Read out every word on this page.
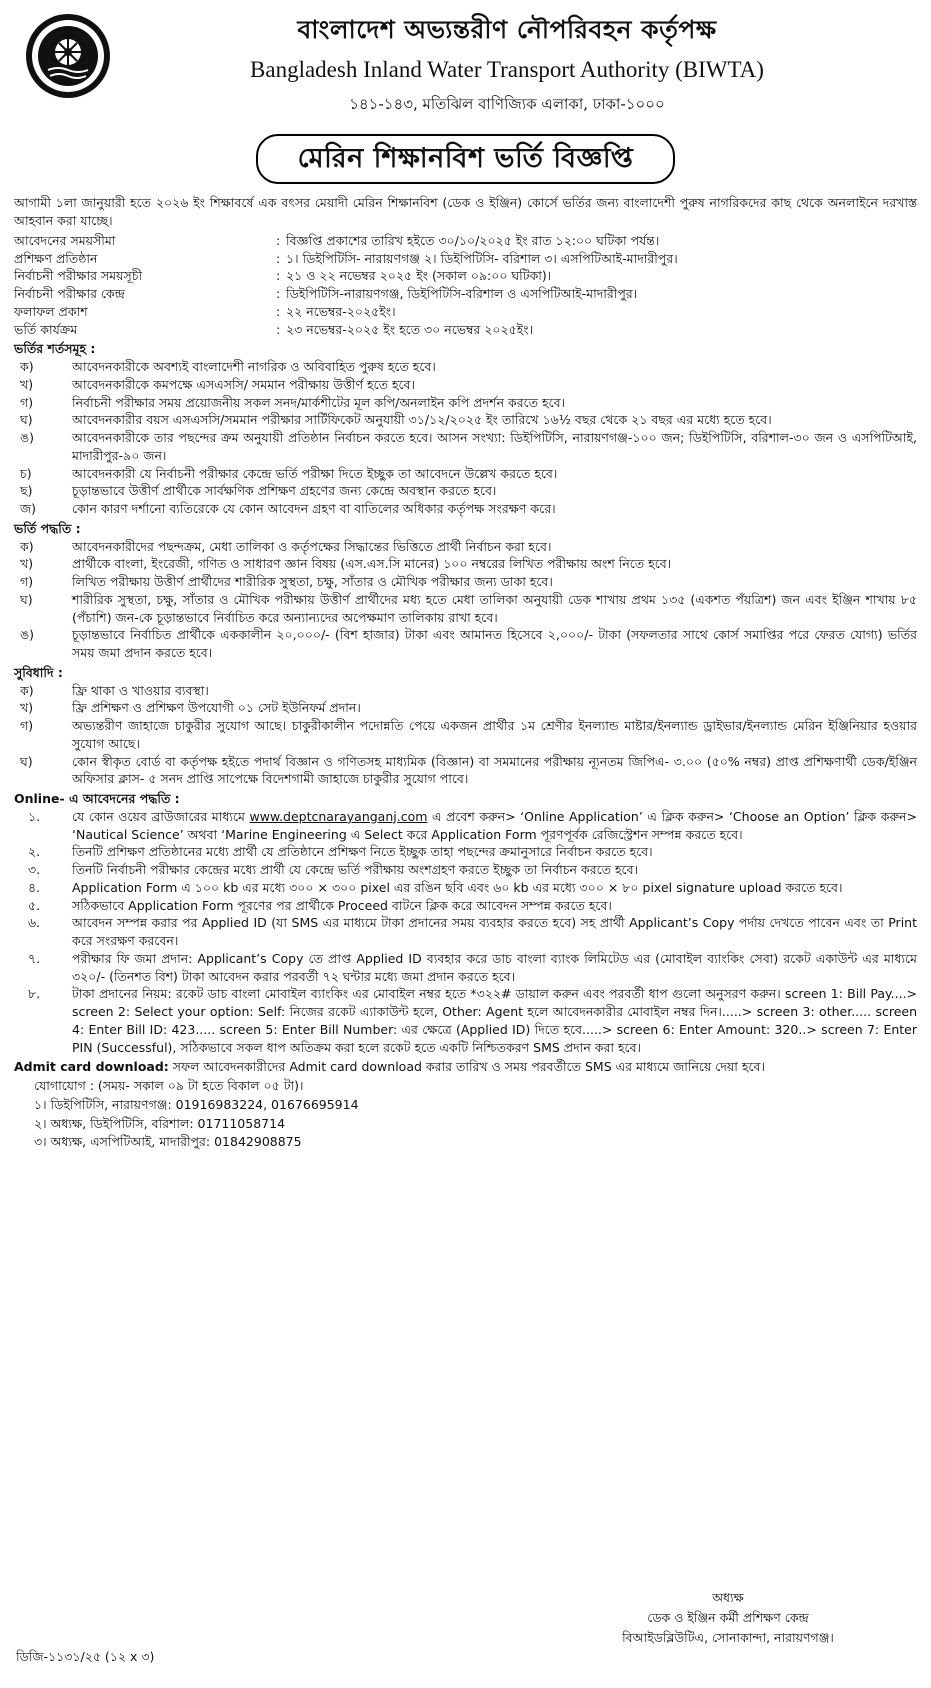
বাংলাদেশ অভ্যন্তরীণ নৌপরিবহন কর্তৃপক্ষ
Bangladesh Inland Water Transport Authority (BIWTA)
১৪১-১৪৩, মতিঝিল বাণিজ্যিক এলাকা, ঢাকা-১০০০
মেরিন শিক্ষানবিশ ভর্তি বিজ্ঞপ্তি
আগামী ১লা জানুয়ারী হতে ২০২৬ ইং শিক্ষাবর্ষে এক বৎসর মেয়াদী মেরিন শিক্ষানবিশ (ডেক ও ইঞ্জিন) কোর্সে ভর্তির জন্য বাংলাদেশী পুরুষ নাগরিকদের কাছ থেকে অনলাইনে দরখাস্ত আহবান করা যাচ্ছে।
আবেদনের সময়সীমা	: বিজ্ঞপ্তি প্রকাশের তারিখ হইতে ৩০/১০/২০২৫ ইং রাত ১২:০০ ঘটিকা পর্যন্ত।
প্রশিক্ষণ প্রতিষ্ঠান	: ১। ডিইপিটিসি- নারায়ণগঞ্জ ২। ডিইপিটিসি- বরিশাল ৩। এসপিটিআই-মাদারীপুর।
নির্বাচনী পরীক্ষার সময়সূচী	: ২১ ও ২২ নভেম্বর ২০২৫ ইং (সকাল ০৯:০০ ঘটিকা)।
নির্বাচনী পরীক্ষার কেন্দ্র	: ডিইপিটিসি-নারায়ণগঞ্জ, ডিইপিটিসি-বরিশাল ও এসপিটিআই-মাদারীপুর।
ফলাফল প্রকাশ	: ২২ নভেম্বর-২০২৫ইং।
ভর্তি কার্যক্রম	: ২৩ নভেম্বর-২০২৫ ইং হতে ৩০ নভেম্বর ২০২৫ইং।
ভর্তির শর্তসমূহ :
ক)	আবেদনকারীকে অবশ্যই বাংলাদেশী নাগরিক ও অবিবাহিত পুরুষ হতে হবে।
খ)	আবেদনকারীকে কমপক্ষে এসএসসি/ সমমান পরীক্ষায় উত্তীর্ণ হতে হবে।
গ)	নির্বাচনী পরীক্ষার সময় প্রয়োজনীয় সকল সনদ/মার্কশীটের মূল কপি/অনলাইন কপি প্রদর্শন করতে হবে।
ঘ)	আবেদনকারীর বয়স এসএসসি/সমমান পরীক্ষার সার্টিফিকেট অনুযায়ী ৩১/১২/২০২৫ ইং তারিখে ১৬½ বছর থেকে ২১ বছর এর মধ্যে হতে হবে।
ঙ)	আবেদনকারীকে তার পছন্দের ক্রম অনুযায়ী প্রতিষ্ঠান নির্বাচন করতে হবে। আসন সংখ্যা: ডিইপিটিসি, নারায়ণগঞ্জ-১০০ জন; ডিইপিটিসি, বরিশাল-৩০ জন ও এসপিটিআই, মাদারীপুর-৯০ জন।
চ)	আবেদনকারী যে নির্বাচনী পরীক্ষার কেন্দ্রে ভর্তি পরীক্ষা দিতে ইচ্ছুক তা আবেদনে উল্লেখ করতে হবে।
ছ)	চূড়ান্তভাবে উত্তীর্ণ প্রার্থীকে সার্বক্ষণিক প্রশিক্ষণ গ্রহণের জন্য কেন্দ্রে অবস্থান করতে হবে।
জ)	কোন কারণ দর্শানো ব্যতিরেকে যে কোন আবেদন গ্রহণ বা বাতিলের অধিকার কর্তৃপক্ষ সংরক্ষণ করে।
ভর্তি পদ্ধতি :
ক)	আবেদনকারীদের পছন্দক্রম, মেধা তালিকা ও কর্তৃপক্ষের সিদ্ধান্তের ভিত্তিতে প্রার্থী নির্বাচন করা হবে।
খ)	প্রার্থীকে বাংলা, ইংরেজী, গণিত ও সাধারণ জ্ঞান বিষয় (এস.এস.সি মানের) ১০০ নম্বরের লিখিত পরীক্ষায় অংশ নিতে হবে।
গ)	লিখিত পরীক্ষায় উত্তীর্ণ প্রার্থীদের শারীরিক সুস্থতা, চক্ষু, সাঁতার ও মৌখিক পরীক্ষার জন্য ডাকা হবে।
ঘ)	শারীরিক সুস্থতা, চক্ষু, সাঁতার ও মৌখিক পরীক্ষায় উত্তীর্ণ প্রার্থীদের মধ্য হতে মেধা তালিকা অনুযায়ী ডেক শাখায় প্রথম ১৩৫ (একশত পঁয়ত্রিশ) জন এবং ইঞ্জিন শাখায় ৮৫ (পঁচাশি) জন-কে চূড়ান্তভাবে নির্বাচিত করে অন্যান্যদের অপেক্ষমাণ তালিকায় রাখা হবে।
ঙ)	চূড়ান্তভাবে নির্বাচিত প্রার্থীকে এককালীন ২০,০০০/- (বিশ হাজার) টাকা এবং আমানত হিসেবে ২,০০০/- টাকা (সফলতার সাথে কোর্স সমাপ্তির পরে ফেরত যোগ্য) ভর্তির সময় জমা প্রদান করতে হবে।
সুবিধাদি :
ক)	ফ্রি থাকা ও খাওয়ার ব্যবস্থা।
খ)	ফ্রি প্রশিক্ষণ ও প্রশিক্ষণ উপযোগী ০১ সেট ইউনিফর্ম প্রদান।
গ)	অভ্যন্তরীণ জাহাজে চাকুরীর সুযোগ আছে। চাকুরীকালীন পদোন্নতি পেয়ে একজন প্রার্থীর ১ম শ্রেণীর ইনল্যান্ড মাষ্টার/ইনল্যান্ড ড্রাইভার/ইনল্যান্ড মেরিন ইঞ্জিনিয়ার হওয়ার সুযোগ আছে।
ঘ)	কোন স্বীকৃত বোর্ড বা কর্তৃপক্ষ হইতে পদার্থ বিজ্ঞান ও গণিতসহ মাধ্যমিক (বিজ্ঞান) বা সমমানের পরীক্ষায় ন্যূনতম জিপিএ- ৩.০০ (৫০% নম্বর) প্রাপ্ত প্রশিক্ষণার্থী ডেক/ইঞ্জিন অফিসার ক্লাস- ৫ সনদ প্রাপ্তি সাপেক্ষে বিদেশগামী জাহাজে চাকুরীর সুযোগ পাবে।
Online- এ আবেদনের পদ্ধতি :
১.	যে কোন ওয়েব ব্রাউজারের মাধ্যমে www.deptcnarayanganj.com এ প্রবেশ করুন> ‘Online Application’ এ ক্লিক করুন> ‘Choose an Option’ ক্লিক করুন> ‘Nautical Science’ অথবা ‘Marine Engineering এ Select করে Application Form পূরণপূর্বক রেজিস্ট্রেশন সম্পন্ন করতে হবে।
২.	তিনটি প্রশিক্ষণ প্রতিষ্ঠানের মধ্যে প্রার্থী যে প্রতিষ্ঠানে প্রশিক্ষণ নিতে ইচ্ছুক তাহা পছন্দের ক্রমানুসারে নির্বাচন করতে হবে।
৩.	তিনটি নির্বাচনী পরীক্ষার কেন্দ্রের মধ্যে প্রার্থী যে কেন্দ্রে ভর্তি পরীক্ষায় অংশগ্রহণ করতে ইচ্ছুক তা নির্বাচন করতে হবে।
৪.	Application Form এ ১০০ kb এর মধ্যে ৩০০ × ৩০০ pixel এর রঙিন ছবি এবং ৬০ kb এর মধ্যে ৩০০ × ৮০ pixel signature upload করতে হবে।
৫.	সঠিকভাবে Application Form পূরণের পর প্রার্থীকে Proceed বাটনে ক্লিক করে আবেদন সম্পন্ন করতে হবে।
৬.	আবেদন সম্পন্ন করার পর Applied ID (যা SMS এর মাধ্যমে টাকা প্রদানের সময় ব্যবহার করতে হবে) সহ প্রার্থী Applicant’s Copy পর্দায় দেখতে পাবেন এবং তা Print করে সংরক্ষণ করবেন।
৭.	পরীক্ষার ফি জমা প্রদান: Applicant’s Copy তে প্রাপ্ত Applied ID ব্যবহার করে ডাচ বাংলা ব্যাংক লিমিটেড এর (মোবাইল ব্যাংকিং সেবা) রকেট একাউন্ট এর মাধ্যমে ৩২০/- (তিনশত বিশ) টাকা আবেদন করার পরবর্তী ৭২ ঘন্টার মধ্যে জমা প্রদান করতে হবে।
৮.	টাকা প্রদানের নিয়ম: রকেট ডাচ বাংলা মোবাইল ব্যাংকিং এর মোবাইল নম্বর হতে *৩২২# ডায়াল করুন এবং পরবর্তী ধাপ গুলো অনুসরণ করুন। screen 1: Bill Pay....> screen 2: Select your option: Self: নিজের রকেট এ্যাকাউন্ট হলে, Other: Agent হলে আবেদনকারীর মোবাইল নম্বর দিন।.....> screen 3: other..... screen 4: Enter Bill ID: 423..... screen 5: Enter Bill Number: এর ক্ষেত্রে (Applied ID) দিতে হবে.....> screen 6: Enter Amount: 320..> screen 7: Enter PIN (Successful), সঠিকভাবে সকল ধাপ অতিক্রম করা হলে রকেট হতে একটি নিশ্চিতকরণ SMS প্রদান করা হবে।
Admit card download: সফল আবেদনকারীদের Admit card download করার তারিখ ও সময় পরবর্তীতে SMS এর মাধ্যমে জানিয়ে দেয়া হবে।
যোগাযোগ : (সময়- সকাল ০৯ টা হতে বিকাল ০৫ টা)।
১। ডিইপিটিসি, নারায়ণগঞ্জ: 01916983224, 01676695914
২। অধ্যক্ষ, ডিইপিটিসি, বরিশাল: 01711058714
৩। অধ্যক্ষ, এসপিটিআই, মাদারীপুর: 01842908875
অধ্যক্ষ
ডেক ও ইঞ্জিন কর্মী প্রশিক্ষণ কেন্দ্র
বিআইডব্লিউটিএ, সোনাকান্দা, নারায়ণগঞ্জ।
ডিজি-১১৩১/২৫ (১২ x ৩)
